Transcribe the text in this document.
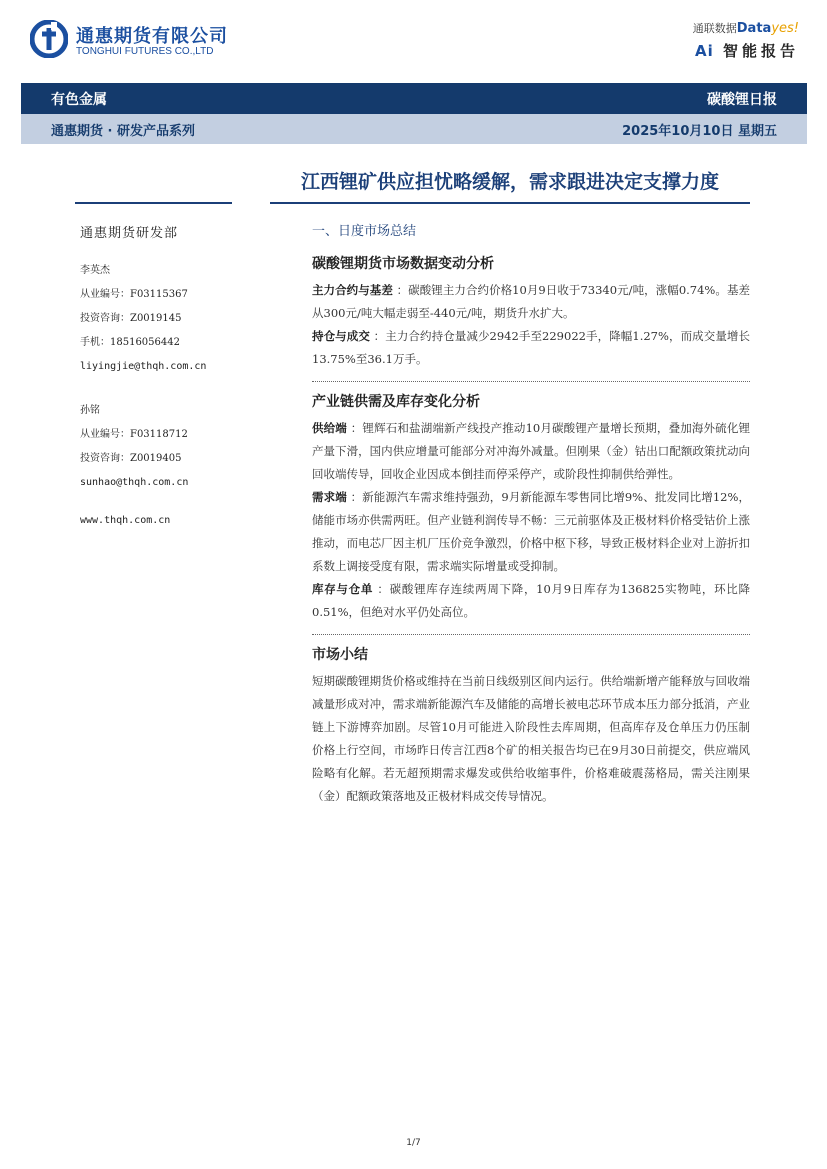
通惠期货有限公司
TONGHUI FUTURES CO.,LTD
通联数据Datayes!
Ai 智能报告
有色金属	碳酸锂日报
通惠期货 · 研发产品系列	2025年10月10日 星期五
江西锂矿供应担忧略缓解，需求跟进决定支撑力度
通惠期货研发部
李英杰
从业编号：F03115367
投资咨询：Z0019145
手机：18516056442
liyingjie@thqh.com.cn
孙铭
从业编号：F03118712
投资咨询：Z0019405
sunhao@thqh.com.cn
www.thqh.com.cn
一、日度市场总结
碳酸锂期货市场数据变动分析

主力合约与基差 ：碳酸锂主力合约价格10月9日收于73340元/吨，涨幅0.74%。基差从300元/吨大幅走弱至-440元/吨，期货升水扩大。

持仓与成交 ：主力合约持仓量减少2942手至229022手，降幅1.27%，而成交量增长13.75%至36.1万手。

产业链供需及库存变化分析

供给端 ：锂辉石和盐湖端新产线投产推动10月碳酸锂产量增长预期，叠加海外硫化锂产量下滑，国内供应增量可能部分对冲海外减量。但刚果（金）钴出口配额政策扰动向回收端传导，回收企业因成本倒挂而停采停产，或阶段性抑制供给弹性。

需求端 ：新能源汽车需求维持强劲，9月新能源车零售同比增9%、批发同比增12%，储能市场亦供需两旺。但产业链利润传导不畅：三元前驱体及正极材料价格受钴价上涨推动，而电芯厂因主机厂压价竞争激烈，价格中枢下移，导致正极材料企业对上游折扣系数上调接受度有限，需求端实际增量或受抑制。

库存与仓单 ：碳酸锂库存连续两周下降，10月9日库存为136825实物吨，环比降0.51%，但绝对水平仍处高位。

市场小结

短期碳酸锂期货价格或维持在当前日线级别区间内运行。供给端新增产能释放与回收端减量形成对冲，需求端新能源汽车及储能的高增长被电芯环节成本压力部分抵消，产业链上下游博弈加剧。尽管10月可能进入阶段性去库周期，但高库存及仓单压力仍压制价格上行空间，市场昨日传言江西8个矿的相关报告均已在9月30日前提交，供应端风险略有化解。若无超预期需求爆发或供给收缩事件，价格难破震荡格局，需关注刚果（金）配额政策落地及正极材料成交传导情况。

1/7
